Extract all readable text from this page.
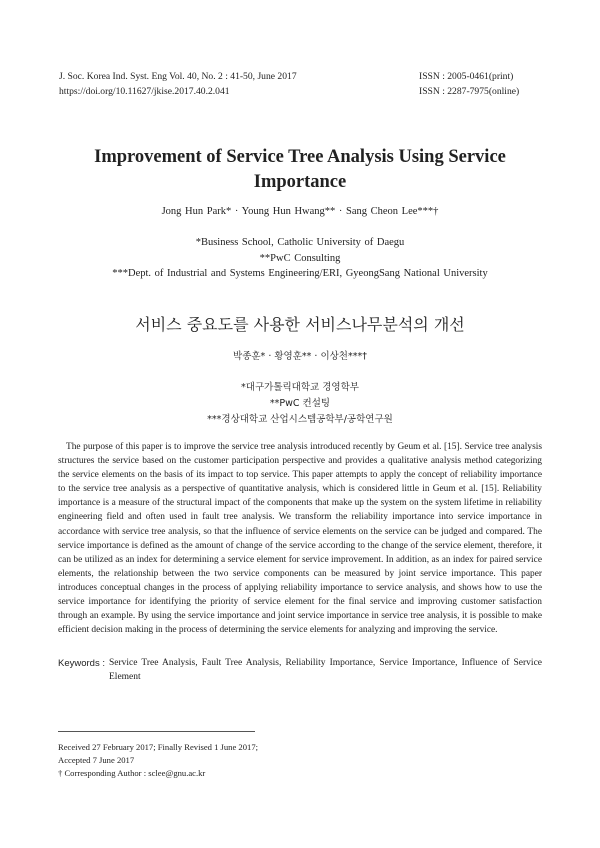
J. Soc. Korea Ind. Syst. Eng Vol. 40, No. 2 : 41-50, June 2017	ISSN : 2005-0461(print)
https://doi.org/10.11627/jkise.2017.40.2.041	ISSN : 2287-7975(online)
Improvement of Service Tree Analysis Using Service Importance
Jong Hun Park* · Young Hun Hwang** · Sang Cheon Lee***†
*Business School, Catholic University of Daegu
**PwC Consulting
***Dept. of Industrial and Systems Engineering/ERI, GyeongSang National University
서비스 중요도를 사용한 서비스나무분석의 개선
박종훈* · 황영훈** · 이상천***†
*대구가톨릭대학교 경영학부
**PwC 컨설팅
***경상대학교 산업시스템공학부/공학연구원

The purpose of this paper is to improve the service tree analysis introduced recently by Geum et al. [15]. Service tree analysis structures the service based on the customer participation perspective and provides a qualitative analysis method categorizing the service elements on the basis of its impact to top service. This paper attempts to apply the concept of reliability importance to the service tree analysis as a perspective of quantitative analysis, which is considered little in Geum et al. [15]. Reliability importance is a measure of the structural impact of the components that make up the system on the system lifetime in reliability engineering field and often used in fault tree analysis. We transform the reliability importance into service importance in accordance with service tree analysis, so that the influence of service elements on the service can be judged and compared. The service importance is defined as the amount of change of the service according to the change of the service element, therefore, it can be utilized as an index for determining a service element for service improvement. In addition, as an index for paired service elements, the relationship between the two service components can be measured by joint service importance. This paper introduces conceptual changes in the process of applying reliability importance to service analysis, and shows how to use the service importance for identifying the priority of service element for the final service and improving customer satisfaction through an example. By using the service importance and joint service importance in service tree analysis, it is possible to make efficient decision making in the process of determining the service elements for analyzing and improving the service.

Keywords : Service Tree Analysis, Fault Tree Analysis, Reliability Importance, Service Importance, Influence of Service Element
Received 27 February 2017; Finally Revised 1 June 2017;
Accepted 7 June 2017
† Corresponding Author : sclee@gnu.ac.kr
